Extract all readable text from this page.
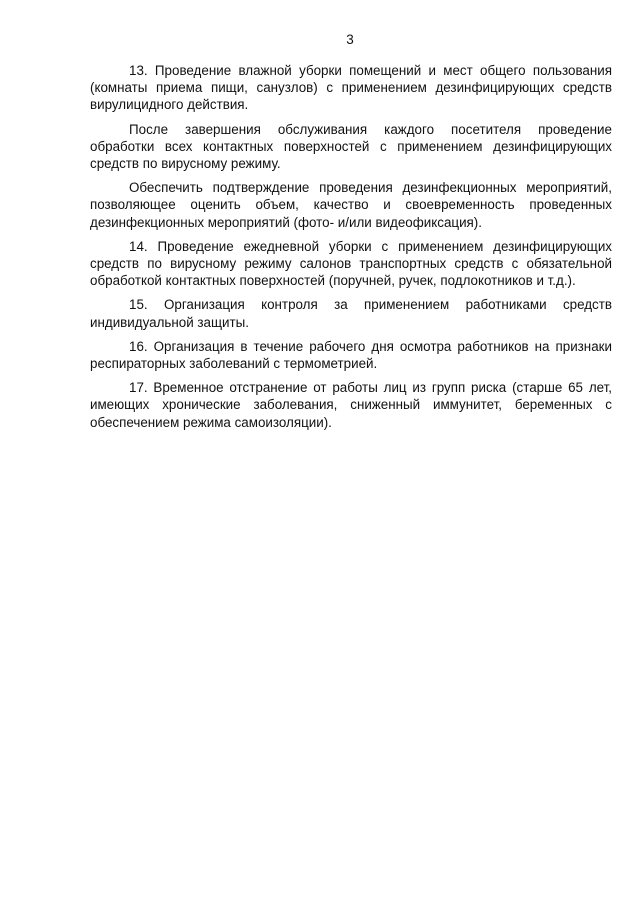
3

13. Проведение влажной уборки помещений и мест общего пользования (комнаты приема пищи, санузлов) с применением дезинфицирующих средств вирулицидного действия.

После завершения обслуживания каждого посетителя проведение обработки всех контактных поверхностей с применением дезинфицирующих средств по вирусному режиму.

Обеспечить подтверждение проведения дезинфекционных мероприятий, позволяющее оценить объем, качество и своевременность проведенных дезинфекционных мероприятий (фото- и/или видеофиксация).

14. Проведение ежедневной уборки с применением дезинфицирующих средств по вирусному режиму салонов транспортных средств с обязательной обработкой контактных поверхностей (поручней, ручек, подлокотников и т.д.).

15. Организация контроля за применением работниками средств индивидуальной защиты.

16. Организация в течение рабочего дня осмотра работников на признаки респираторных заболеваний с термометрией.

17. Временное отстранение от работы лиц из групп риска (старше 65 лет, имеющих хронические заболевания, сниженный иммунитет, беременных с обеспечением режима самоизоляции).
